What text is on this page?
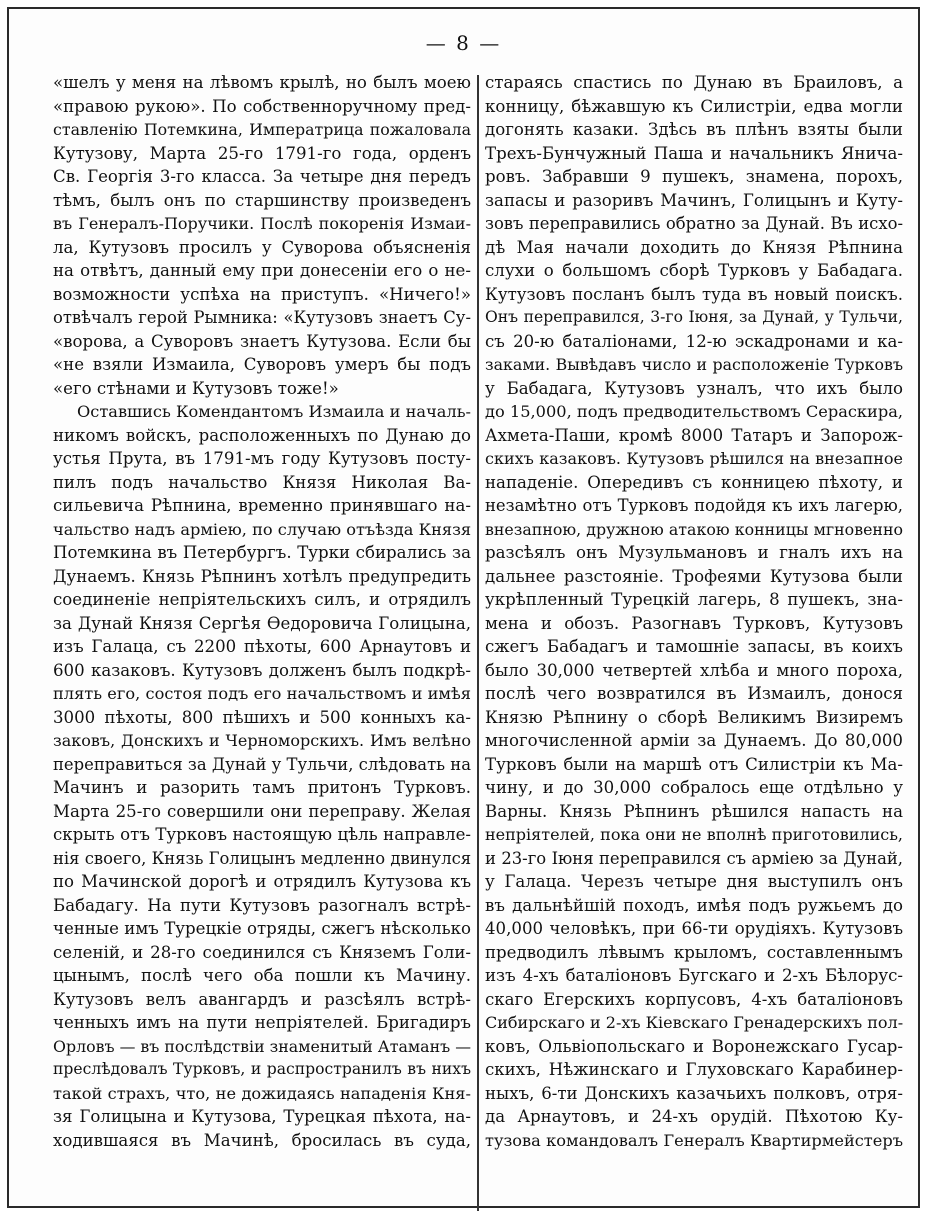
— 8 —
«шелъ у меня на лѣвомъ крылѣ, но былъ моею
«правою рукою». По собственноручному пред-
ставленію Потемкина, Императрица пожаловала
Кутузову, Марта 25-го 1791-го года, орденъ
Св. Георгія 3-го класса. За четыре дня передъ
тѣмъ, былъ онъ по старшинству произведенъ
въ Генералъ-Поручики. Послѣ покоренія Измаи-
ла, Кутузовъ просилъ у Суворова объясненія
на отвѣтъ, данный ему при донесеніи его о не-
возможности успѣха на приступъ. «Ничего!»
отвѣчалъ герой Рымника: «Кутузовъ знаетъ Су-
«ворова, а Суворовъ знаетъ Кутузова. Если бы
«не взяли Измаила, Суворовъ умеръ бы подъ
«его стѣнами и Кутузовъ тоже!»
Оставшись Комендантомъ Измаила и началь-
никомъ войскъ, расположенныхъ по Дунаю до
устья Прута, въ 1791-мъ году Кутузовъ посту-
пилъ подъ начальство Князя Николая Ва-
сильевича Рѣпнина, временно принявшаго на-
чальство надъ арміею, по случаю отъѣзда Князя
Потемкина въ Петербургъ. Турки сбирались за
Дунаемъ. Князь Рѣпнинъ хотѣлъ предупредить
соединеніе непріятельскихъ силъ, и отрядилъ
за Дунай Князя Сергѣя Ѳедоровича Голицына,
изъ Галаца, съ 2200 пѣхоты, 600 Арнаутовъ и
600 казаковъ. Кутузовъ долженъ былъ подкрѣ-
плять его, состоя подъ его начальствомъ и имѣя
3000 пѣхоты, 800 пѣшихъ и 500 конныхъ ка-
заковъ, Донскихъ и Черноморскихъ. Имъ велѣно
переправиться за Дунай у Тульчи, слѣдовать на
Мачинъ и разорить тамъ притонъ Турковъ.
Марта 25-го совершили они переправу. Желая
скрыть отъ Турковъ настоящую цѣль направле-
нія своего, Князь Голицынъ медленно двинулся
по Мачинской дорогѣ и отрядилъ Кутузова къ
Бабадагу. На пути Кутузовъ разогналъ встрѣ-
ченные имъ Турецкіе отряды, сжегъ нѣсколько
селеній, и 28-го соединился съ Княземъ Голи-
цынымъ, послѣ чего оба пошли къ Мачину.
Кутузовъ велъ авангардъ и разсѣялъ встрѣ-
ченныхъ имъ на пути непріятелей. Бригадиръ
Орловъ — въ послѣдствіи знаменитый Атаманъ —
преслѣдовалъ Турковъ, и распространилъ въ нихъ
такой страхъ, что, не дожидаясь нападенія Кня-
зя Голицына и Кутузова, Турецкая пѣхота, на-
ходившаяся въ Мачинѣ, бросилась въ суда,
стараясь спастись по Дунаю въ Браиловъ, а
конницу, бѣжавшую къ Силистріи, едва могли
догонять казаки. Здѣсь въ плѣнъ взяты были
Трехъ-Бунчужный Паша и начальникъ Янича-
ровъ. Забравши 9 пушекъ, знамена, порохъ,
запасы и разоривъ Мачинъ, Голицынъ и Куту-
зовъ переправились обратно за Дунай. Въ исхо-
дѣ Мая начали доходить до Князя Рѣпнина
слухи о большомъ сборѣ Турковъ у Бабадага.
Кутузовъ посланъ былъ туда въ новый поискъ.
Онъ переправился, 3-го Іюня, за Дунай, у Тульчи,
съ 20-ю баталіонами, 12-ю эскадронами и ка-
заками. Вывѣдавъ число и расположеніе Турковъ
у Бабадага, Кутузовъ узналъ, что ихъ было
до 15,000, подъ предводительствомъ Сераскира,
Ахмета-Паши, кромѣ 8000 Татаръ и Запорож-
скихъ казаковъ. Кутузовъ рѣшился на внезапное
нападеніе. Опередивъ съ конницею пѣхоту, и
незамѣтно отъ Турковъ подойдя къ ихъ лагерю,
внезапною, дружною атакою конницы мгновенно
разсѣялъ онъ Музульмановъ и гналъ ихъ на
дальнее разстояніе. Трофеями Кутузова были
укрѣпленный Турецкій лагерь, 8 пушекъ, зна-
мена и обозъ. Разогнавъ Турковъ, Кутузовъ
сжегъ Бабадагъ и тамошніе запасы, въ коихъ
было 30,000 четвертей хлѣба и много пороха,
послѣ чего возвратился въ Измаилъ, донося
Князю Рѣпнину о сборѣ Великимъ Визиремъ
многочисленной арміи за Дунаемъ. До 80,000
Турковъ были на маршѣ отъ Силистріи къ Ма-
чину, и до 30,000 собралось еще отдѣльно у
Варны. Князь Рѣпнинъ рѣшился напасть на
непріятелей, пока они не вполнѣ приготовились,
и 23-го Іюня переправился съ арміею за Дунай,
у Галаца. Черезъ четыре дня выступилъ онъ
въ дальнѣйшій походъ, имѣя подъ ружьемъ до
40,000 человѣкъ, при 66-ти орудіяхъ. Кутузовъ
предводилъ лѣвымъ крыломъ, составленнымъ
изъ 4-хъ баталіоновъ Бугскаго и 2-хъ Бѣлорус-
скаго Егерскихъ корпусовъ, 4-хъ баталіоновъ
Сибирскаго и 2-хъ Кіевскаго Гренадерскихъ пол-
ковъ, Ольвіопольскаго и Воронежскаго Гусар-
скихъ, Нѣжинскаго и Глуховскаго Карабинер-
ныхъ, 6-ти Донскихъ казачьихъ полковъ, отря-
да Арнаутовъ, и 24-хъ орудій. Пѣхотою Ку-
тузова командовалъ Генералъ Квартирмейстеръ
